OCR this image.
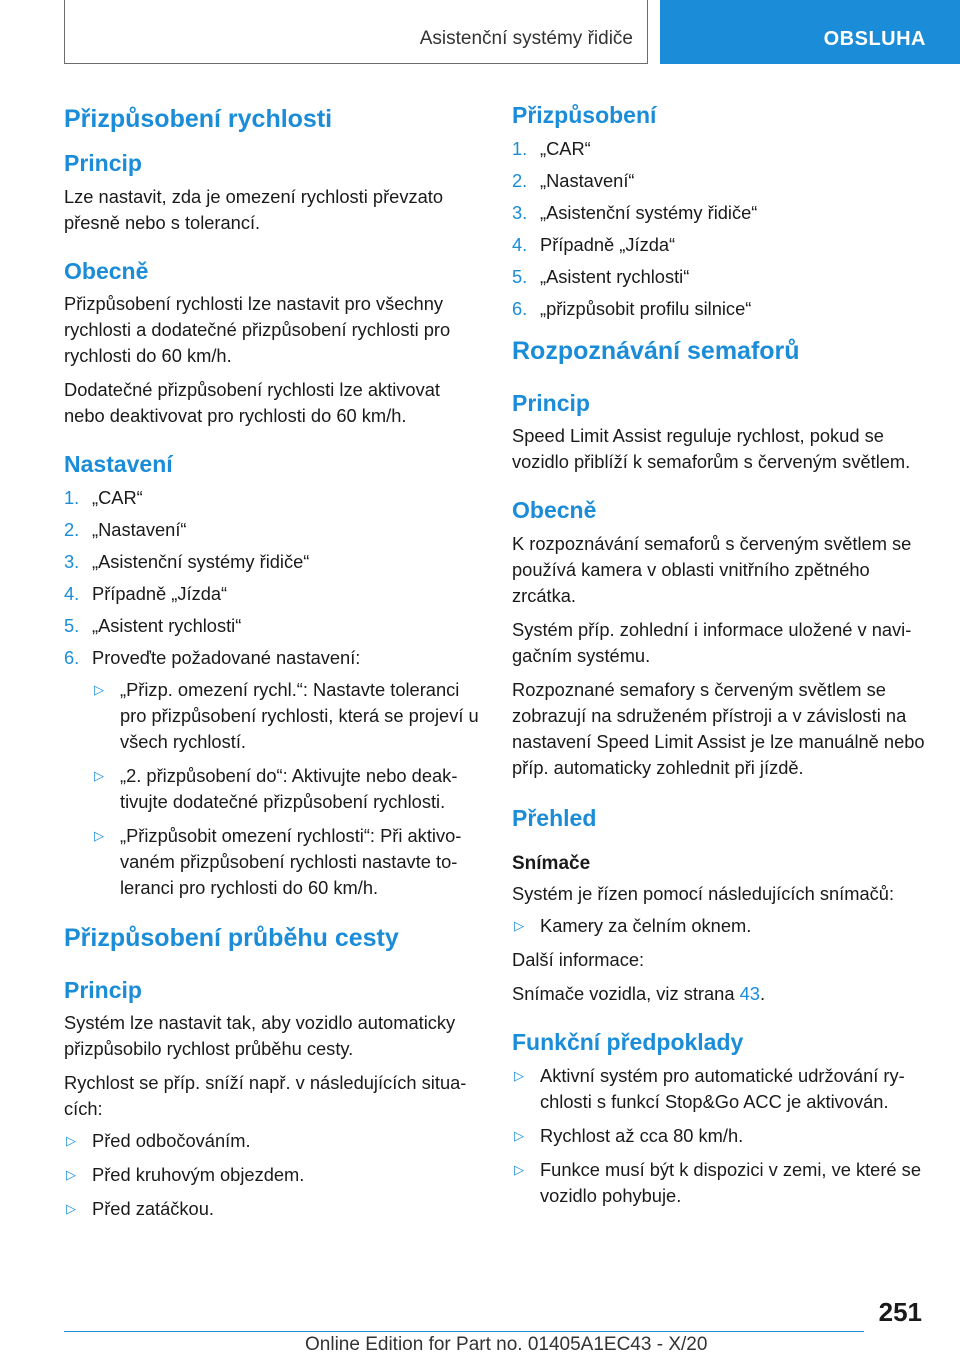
Asistenční systémy řidiče	OBSLUHA
Přizpůsobení rychlosti
Princip

Lze nastavit, zda je omezení rychlosti převzato přesně nebo s tolerancí.

Obecně

Přizpůsobení rychlosti lze nastavit pro všechny rychlosti a dodatečné přizpůsobení rychlosti pro rychlosti do 60 km/h.

Dodatečné přizpůsobení rychlosti lze aktivovat nebo deaktivovat pro rychlosti do 60 km/h.

Nastavení
1. „CAR“
2. „Nastavení“
3. „Asistenční systémy řidiče“
4. Případně „Jízda“
5. „Asistent rychlosti“
6. Proveďte požadované nastavení:
▷ „Přizp. omezení rychl.“: Nastavte toleranci pro přizpůsobení rychlosti, která se projeví u všech rychlostí.
▷ „2. přizpůsobení do“: Aktivujte nebo deaktivujte dodatečné přizpůsobení rychlosti.
▷ „Přizpůsobit omezení rychlosti“: Při aktivovaném přizpůsobení rychlosti nastavte toleranci pro rychlosti do 60 km/h.
Přizpůsobení průběhu cesty
Princip

Systém lze nastavit tak, aby vozidlo automaticky přizpůsobilo rychlost průběhu cesty.

Rychlost se příp. sníží např. v následujících situacích:

▷ Před odbočováním.
▷ Před kruhovým objezdem.
▷ Před zatáčkou.
Přizpůsobení
1. „CAR“
2. „Nastavení“
3. „Asistenční systémy řidiče“
4. Případně „Jízda“
5. „Asistent rychlosti“
6. „přizpůsobit profilu silnice“
Rozpoznávání semaforů
Princip

Speed Limit Assist reguluje rychlost, pokud se vozidlo přiblíží k semaforům s červeným světlem.

Obecně

K rozpoznávání semaforů s červeným světlem se používá kamera v oblasti vnitřního zpětného zrcátka.

Systém příp. zohlední i informace uložené v navigačním systému.

Rozpoznané semafory s červeným světlem se zobrazují na sdruženém přístroji a v závislosti na nastavení Speed Limit Assist je lze manuálně nebo příp. automaticky zohlednit při jízdě.

Přehled
Snímače

Systém je řízen pomocí následujících snímačů:

▷ Kamery za čelním oknem.

Další informace:

Snímače vozidla, viz strana 43.

Funkční předpoklady
▷ Aktivní systém pro automatické udržování rychlosti s funkcí Stop&Go ACC je aktivován.
▷ Rychlost až cca 80 km/h.
▷ Funkce musí být k dispozici v zemi, ve které se vozidlo pohybuje.
251
Online Edition for Part no. 01405A1EC43 - X/20
